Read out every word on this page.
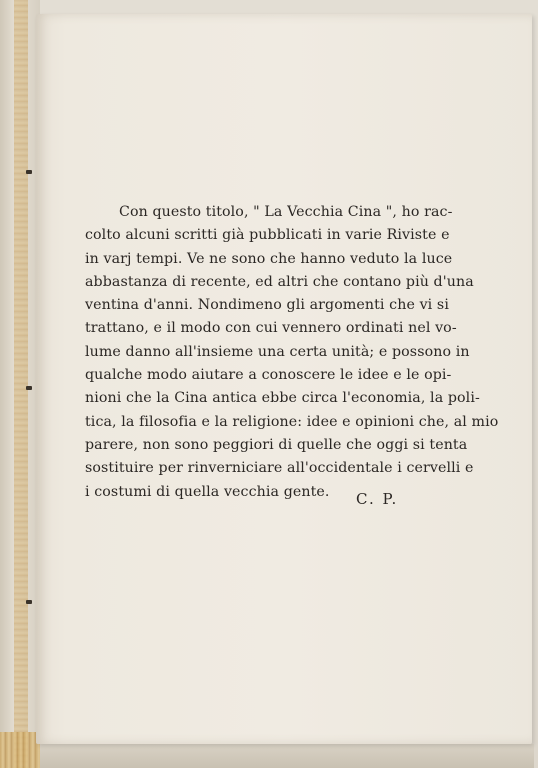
Con questo titolo, " La Vecchia Cina ", ho rac-
colto alcuni scritti già pubblicati in varie Riviste e
in varj tempi. Ve ne sono che hanno veduto la luce
abbastanza di recente, ed altri che contano più d'una
ventina d'anni. Nondimeno gli argomenti che vi si
trattano, e il modo con cui vennero ordinati nel vo-
lume danno all'insieme una certa unità; e possono in
qualche modo aiutare a conoscere le idee e le opi-
nioni che la Cina antica ebbe circa l'economia, la poli-
tica, la filosofia e la religione: idee e opinioni che, al mio
parere, non sono peggiori di quelle che oggi si tenta
sostituire per rinverniciare all'occidentale i cervelli e
i costumi di quella vecchia gente.	C. P.
